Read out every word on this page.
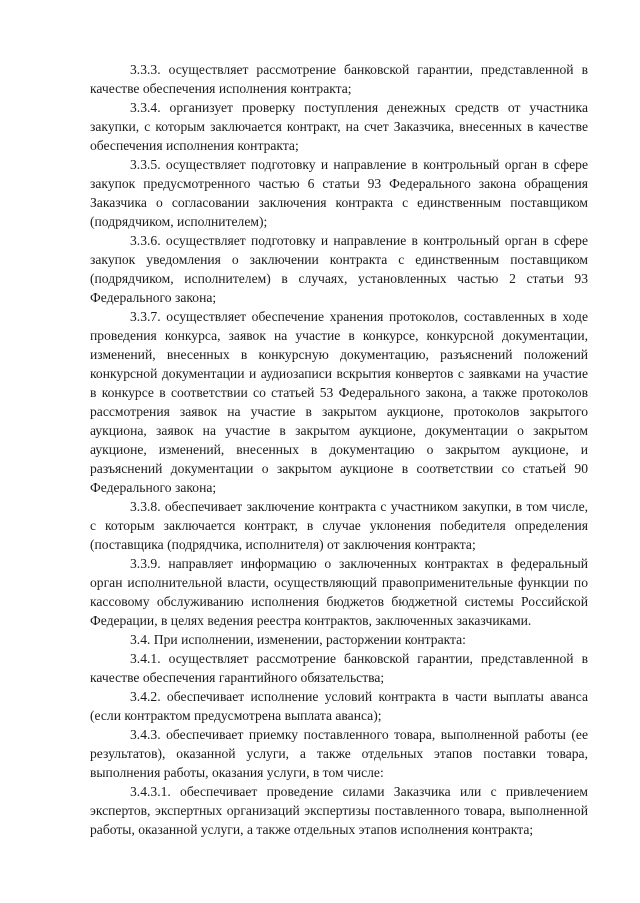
3.3.3. осуществляет рассмотрение банковской гарантии, представленной в качестве обеспечения исполнения контракта;

3.3.4. организует проверку поступления денежных средств от участника закупки, с которым заключается контракт, на счет Заказчика, внесенных в качестве обеспечения исполнения контракта;

3.3.5. осуществляет подготовку и направление в контрольный орган в сфере закупок предусмотренного частью 6 статьи 93 Федерального закона обращения Заказчика о согласовании заключения контракта с единственным поставщиком (подрядчиком, исполнителем);

3.3.6. осуществляет подготовку и направление в контрольный орган в сфере закупок уведомления о заключении контракта с единственным поставщиком (подрядчиком, исполнителем) в случаях, установленных частью 2 статьи 93 Федерального закона;

3.3.7. осуществляет обеспечение хранения протоколов, составленных в ходе проведения конкурса, заявок на участие в конкурсе, конкурсной документации, изменений, внесенных в конкурсную документацию, разъяснений положений конкурсной документации и аудиозаписи вскрытия конвертов с заявками на участие в конкурсе в соответствии со статьей 53 Федерального закона, а также протоколов рассмотрения заявок на участие в закрытом аукционе, протоколов закрытого аукциона, заявок на участие в закрытом аукционе, документации о закрытом аукционе, изменений, внесенных в документацию о закрытом аукционе, и разъяснений документации о закрытом аукционе в соответствии со статьей 90 Федерального закона;

3.3.8. обеспечивает заключение контракта с участником закупки, в том числе, с которым заключается контракт, в случае уклонения победителя определения (поставщика (подрядчика, исполнителя) от заключения контракта;

3.3.9. направляет информацию о заключенных контрактах в федеральный орган исполнительной власти, осуществляющий правоприменительные функции по кассовому обслуживанию исполнения бюджетов бюджетной системы Российской Федерации, в целях ведения реестра контрактов, заключенных заказчиками.

3.4. При исполнении, изменении, расторжении контракта:

3.4.1. осуществляет рассмотрение банковской гарантии, представленной в качестве обеспечения гарантийного обязательства;

3.4.2. обеспечивает исполнение условий контракта в части выплаты аванса (если контрактом предусмотрена выплата аванса);

3.4.3. обеспечивает приемку поставленного товара, выполненной работы (ее результатов), оказанной услуги, а также отдельных этапов поставки товара, выполнения работы, оказания услуги, в том числе:

3.4.3.1. обеспечивает проведение силами Заказчика или с привлечением экспертов, экспертных организаций экспертизы поставленного товара, выполненной работы, оказанной услуги, а также отдельных этапов исполнения контракта;
